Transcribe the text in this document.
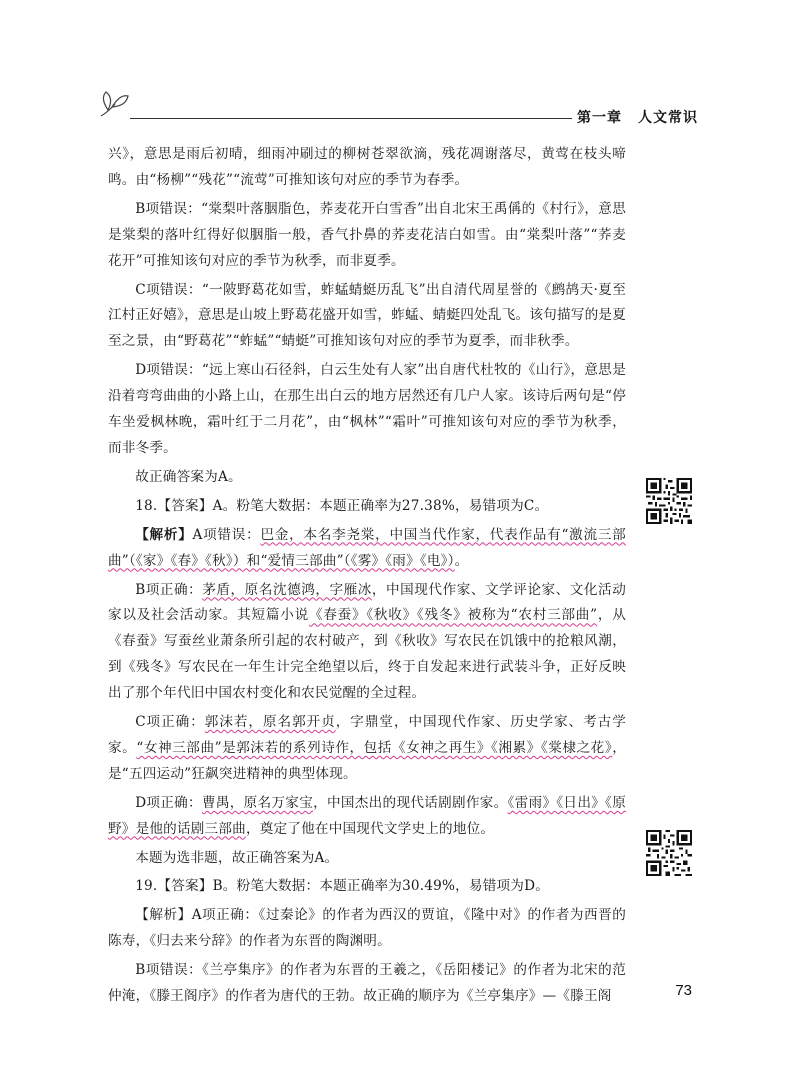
第一章 人文常识

兴》，意思是雨后初晴，细雨冲刷过的柳树苍翠欲滴，残花凋谢落尽，黄莺在枝头啼鸣。由“杨柳”“残花”“流莺”可推知该句对应的季节为春季。

B项错误：“棠梨叶落胭脂色，荞麦花开白雪香”出自北宋王禹偁的《村行》，意思是棠梨的落叶红得好似胭脂一般，香气扑鼻的荞麦花洁白如雪。由“棠梨叶落”“荞麦花开”可推知该句对应的季节为秋季，而非夏季。

C项错误：“一陂野葛花如雪，蚱蜢蜻蜓历乱飞”出自清代周星誉的《鹧鸪天·夏至江村正好嬉》，意思是山坡上野葛花盛开如雪，蚱蜢、蜻蜓四处乱飞。该句描写的是夏至之景，由“野葛花”“蚱蜢”“蜻蜓”可推知该句对应的季节为夏季，而非秋季。

D项错误：“远上寒山石径斜，白云生处有人家”出自唐代杜牧的《山行》，意思是沿着弯弯曲曲的小路上山，在那生出白云的地方居然还有几户人家。该诗后两句是“停车坐爱枫林晚，霜叶红于二月花”，由“枫林”“霜叶”可推知该句对应的季节为秋季，而非冬季。

故正确答案为A。

18.【答案】A。粉笔大数据：本题正确率为27.38%，易错项为C。

【解析】A项错误：巴金，本名李尧棠，中国当代作家，代表作品有“激流三部曲”（《家》《春》《秋》）和“爱情三部曲”（《雾》《雨》《电》）。

B项正确：茅盾，原名沈德鸿，字雁冰，中国现代作家、文学评论家、文化活动家以及社会活动家。其短篇小说《春蚕》《秋收》《残冬》被称为“农村三部曲”，从《春蚕》写蚕丝业萧条所引起的农村破产，到《秋收》写农民在饥饿中的抢粮风潮，到《残冬》写农民在一年生计完全绝望以后，终于自发起来进行武装斗争，正好反映出了那个年代旧中国农村变化和农民觉醒的全过程。

C项正确：郭沫若，原名郭开贞，字鼎堂，中国现代作家、历史学家、考古学家。“女神三部曲”是郭沫若的系列诗作，包括《女神之再生》《湘累》《棠棣之花》，是“五四运动”狂飙突进精神的典型体现。

D项正确：曹禺，原名万家宝，中国杰出的现代话剧剧作家。《雷雨》《日出》《原野》是他的话剧三部曲，奠定了他在中国现代文学史上的地位。

本题为选非题，故正确答案为A。

19.【答案】B。粉笔大数据：本题正确率为30.49%，易错项为D。

【解析】A项正确：《过秦论》的作者为西汉的贾谊，《隆中对》的作者为西晋的陈寿，《归去来兮辞》的作者为东晋的陶渊明。

B项错误：《兰亭集序》的作者为东晋的王羲之，《岳阳楼记》的作者为北宋的范仲淹，《滕王阁序》的作者为唐代的王勃。故正确的顺序为《兰亭集序》—《滕王阁	73
